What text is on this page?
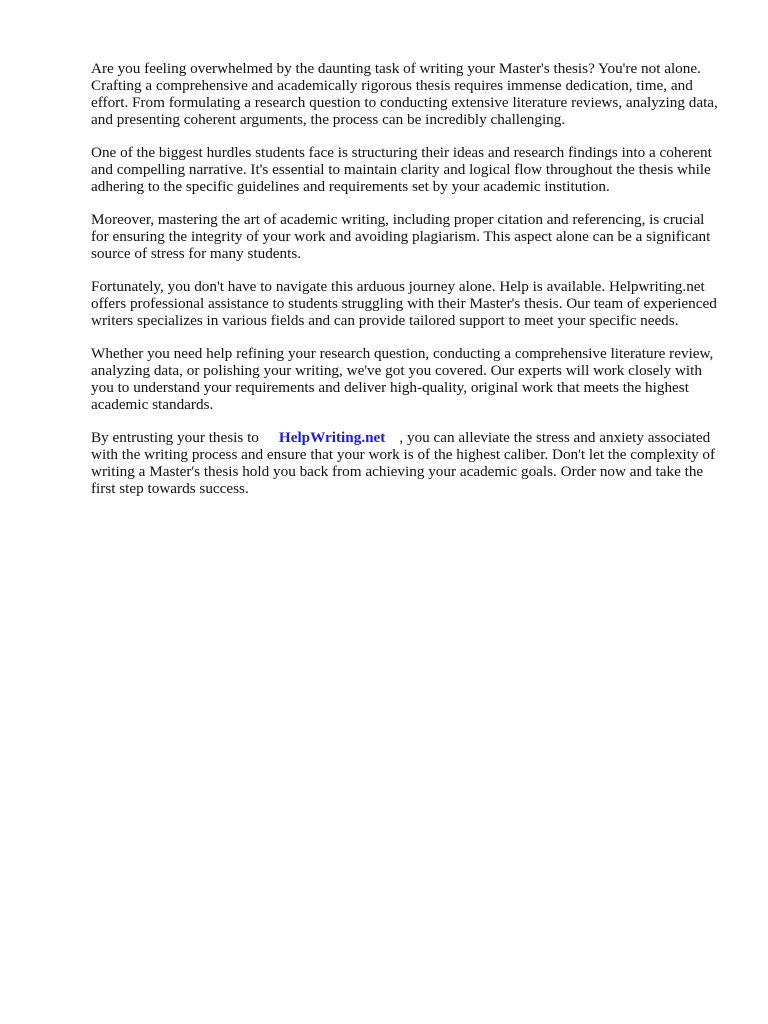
Are you feeling overwhelmed by the daunting task of writing your Master's thesis? You're not alone. Crafting a comprehensive and academically rigorous thesis requires immense dedication, time, and effort. From formulating a research question to conducting extensive literature reviews, analyzing data, and presenting coherent arguments, the process can be incredibly challenging.

One of the biggest hurdles students face is structuring their ideas and research findings into a coherent and compelling narrative. It's essential to maintain clarity and logical flow throughout the thesis while adhering to the specific guidelines and requirements set by your academic institution.

Moreover, mastering the art of academic writing, including proper citation and referencing, is crucial for ensuring the integrity of your work and avoiding plagiarism. This aspect alone can be a significant source of stress for many students.

Fortunately, you don't have to navigate this arduous journey alone. Help is available. Helpwriting.net offers professional assistance to students struggling with their Master's thesis. Our team of experienced writers specializes in various fields and can provide tailored support to meet your specific needs.

Whether you need help refining your research question, conducting a comprehensive literature review, analyzing data, or polishing your writing, we've got you covered. Our experts will work closely with you to understand your requirements and deliver high-quality, original work that meets the highest academic standards.

By entrusting your thesis to HelpWriting.net , you can alleviate the stress and anxiety associated with the writing process and ensure that your work is of the highest caliber. Don't let the complexity of writing a Master's thesis hold you back from achieving your academic goals. Order now and take the first step towards success.
